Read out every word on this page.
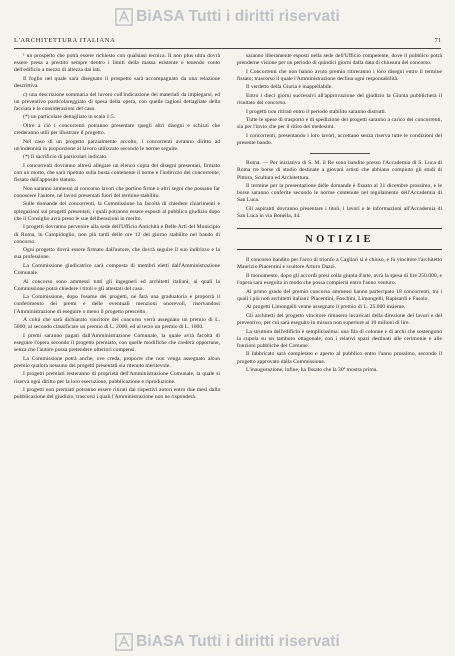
BiASA Tutti i diritti riservati
L'ARCHITETTURA ITALIANA	71

¹ un prospetto che potrà essere richiesto con qualsiasi tecnica. Il non plus ultra dovrà essere presa a prestito sempre dentro i limiti della massa esistente e tenendo conto dell'edificio a mezzo di altezza dai lati.

Il foglio nel quale sarà disegnato il prospetto sarà accompagnato da una relazione descrittiva.

c) una descrizione sommaria del lavoro coll'indicazione dei materiali da impiegarsi, ed un preventivo particolareggiato di spesa della opera, con quelle ragioni dettagliate della facciata e le considerazioni del caso.

(*) un particolare dettagliato in scala 1:5.

Oltre a ciò i concorrenti potranno presentare quegli altri disegni e schizzi che crederanno utili per illustrare il progetto.

Nel caso di un progetto parzialmente accolto, i concorrenti avranno diritto ad un'indennità in proporzione al lavoro utilizzato secondo le norme seguite.

(*) Il sacrificio di particolari indicato.

I concorrenti dovranno altresì allegare un elenco copia dei disegni presentati, firmato con un motto, che sarà ripetuto sulla busta contenente il nome e l'indirizzo del concorrente, fissato dall'apposito statuto.

Non saranno ammessi al concorso lavori che portino firme o altri segni che possano far conoscere l'autore, né lavori presentati fuori del termine stabilito.

Sulle domande dei concorrenti, la Commissione ha facoltà di chiedere chiarimenti e spiegazioni sui progetti presentati, i quali potranno essere esposti al pubblico giudizio dopo che il Consiglio avrà preso le sue deliberazioni in merito.

I progetti dovranno pervenire alla sede dell'Ufficio Antichità e Belle Arti del Municipio di Roma, in Campidoglio, non più tardi delle ore 12 del giorno stabilito nel bando di concorso.

Ogni progetto dovrà essere firmato dall'autore, che dovrà seguire il suo indirizzo e la sua professione.

La Commissione giudicatrice sarà composta di membri eletti dall'Amministrazione Comunale.

Al concorso sono ammessi tutti gli ingegneri ed architetti italiani, ai quali la Commissione potrà chiedere i titoli e gli attestati del caso.

La Commissione, dopo l'esame dei progetti, ne farà una graduatoria e proporrà il conferimento dei premi e delle eventuali menzioni onorevoli, riservandosi l'Amministrazione di eseguire o meno il progetto prescelto.

A colui che sarà dichiarato vincitore del concorso verrà assegnato un premio di L. 5000; al secondo classificato un premio di L. 2000, ed al terzo un premio di L. 1000.

I premi saranno pagati dall'Amministrazione Comunale, la quale avrà facoltà di eseguire l'opera secondo il progetto premiato, con quelle modifiche che crederà opportune, senza che l'autore possa pretendere ulteriori compensi.

La Commissione potrà anche, ove creda, proporre che non venga assegnato alcun premio qualora nessuno dei progetti presentati sia ritenuto meritevole.

I progetti premiati resteranno di proprietà dell'Amministrazione Comunale, la quale si riserva ogni diritto per la loro esecuzione, pubblicazione e riproduzione.

I progetti non premiati potranno essere ritirati dai rispettivi autori entro due mesi dalla pubblicazione del giudizio, trascorsi i quali l'Amministrazione non ne risponderà.

saranno liberamente esposti nella sede dell'Ufficio competente, dove il pubblico potrà prenderne visione per un periodo di quindici giorni dalla data di chiusura del concorso.

I Concorrenti che non hanno avuto premio ritireranno i loro disegni entro il termine fissato; trascorso il quale l'Amministrazione declina ogni responsabilità.

Il verdetto della Giuria è inappellabile.

Entro i dieci giorni successivi all'approvazione del giudizio la Giunta pubblicherà il risultato del concorso.

I progetti non ritirati entro il periodo stabilito saranno distrutti.

Tutte le spese di trasporto e di spedizione dei progetti saranno a carico dei concorrenti, sia per l'invio che per il ritiro dei medesimi.

I concorrenti, presentando i loro lavori, accettano senza riserva tutte le condizioni del presente bando.

Roma. — Per iniziativa di S. M. il Re sono bandite presso l'Accademia di S. Luca di Roma tre borse di studio destinate a giovani artisti che abbiano compiuto gli studi di Pittura, Scultura ed Architettura.

Il termine per la presentazione delle domande è fissato al 31 dicembre prossimo, e le borse saranno conferite secondo le norme contenute nel regolamento dell'Accademia di San Luca.

Gli aspiranti dovranno presentare i titoli, i lavori e le informazioni all'Accademia di San Luca in via Bonella, 44.

NOTIZIE

Il concorso bandito per l'arco di trionfo a Cagliari si è chiuso, e fu vincitore l'architetto Maurizio Piacentini e scultore Arturo Dazzi.

Il monumento, dopo gli accordi presi colla giunta d'arte, avrà la spesa di lire 250.000, e l'opera sarà eseguita in modo che possa compiersi entro l'anno venturo.

Al primo grado del premio concorso ammessi hanno partecipato 18 concorrenti, tra i quali i più noti architetti italiani: Piacentini, Foschini, Limongelli, Rapisardi e Fasolo.

Ai progetti Limongelli venne assegnato il premio di L. 25.000 insieme.

Gli architetti del progetto vincitore rimasero incaricati della direzione dei lavori e del preventivo, per cui sarà eseguito in misura non superiore ai 10 milioni di lire.

La struttura dell'edificio è semplicissima: una fila di colonne e di archi che sostengono la cupola su un tamburo ottagonale, con i relativi spazi destinati alle cerimonie e alle funzioni pubbliche del Comune.

Il fabbricato sarà completato e aperto al pubblico entro l'anno prossimo, secondo il progetto approvato dalla Commissione.

L'inaugurazione, infine, ha fissato che la 30ª mostra prima.

BiASA Tutti i diritti riservati
